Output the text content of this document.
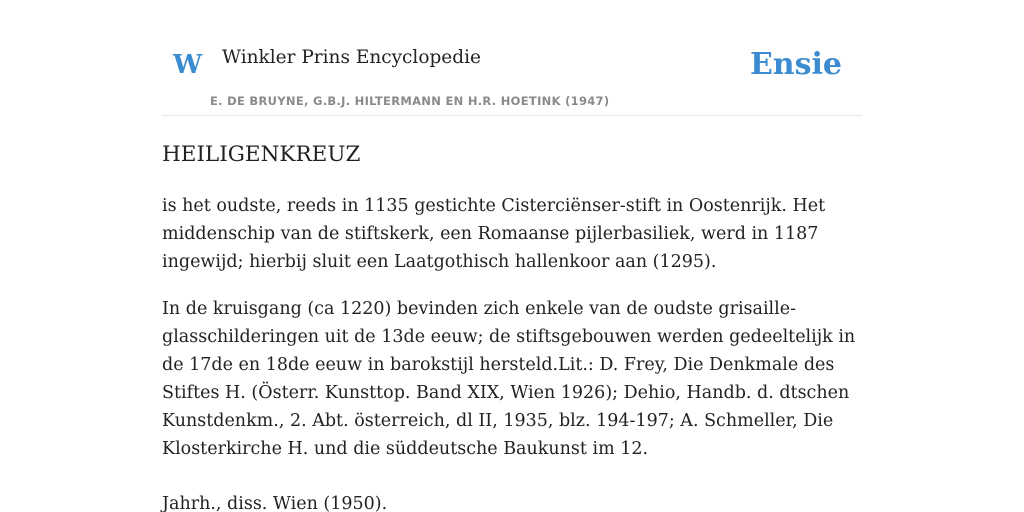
W Winkler Prins Encyclopedie
E. DE BRUYNE, G.B.J. HILTERMANN EN H.R. HOETINK (1947)
Ensie
HEILIGENKREUZ

is het oudste, reeds in 1135 gestichte Cisterciënser-stift in Oostenrijk. Het middenschip van de stiftskerk, een Romaanse pijlerbasiliek, werd in 1187 ingewijd; hierbij sluit een Laatgothisch hallenkoor aan (1295).

In de kruisgang (ca 1220) bevinden zich enkele van de oudste grisaille-glasschilderingen uit de 13de eeuw; de stiftsgebouwen werden gedeeltelijk in de 17de en 18de eeuw in barokstijl hersteld.Lit.: D. Frey, Die Denkmale des Stiftes H. (Österr. Kunsttop. Band XIX, Wien 1926); Dehio, Handb. d. dtschen Kunstdenkm., 2. Abt. österreich, dl II, 1935, blz. 194-197; A. Schmeller, Die Klosterkirche H. und die süddeutsche Baukunst im 12.

Jahrh., diss. Wien (1950).
